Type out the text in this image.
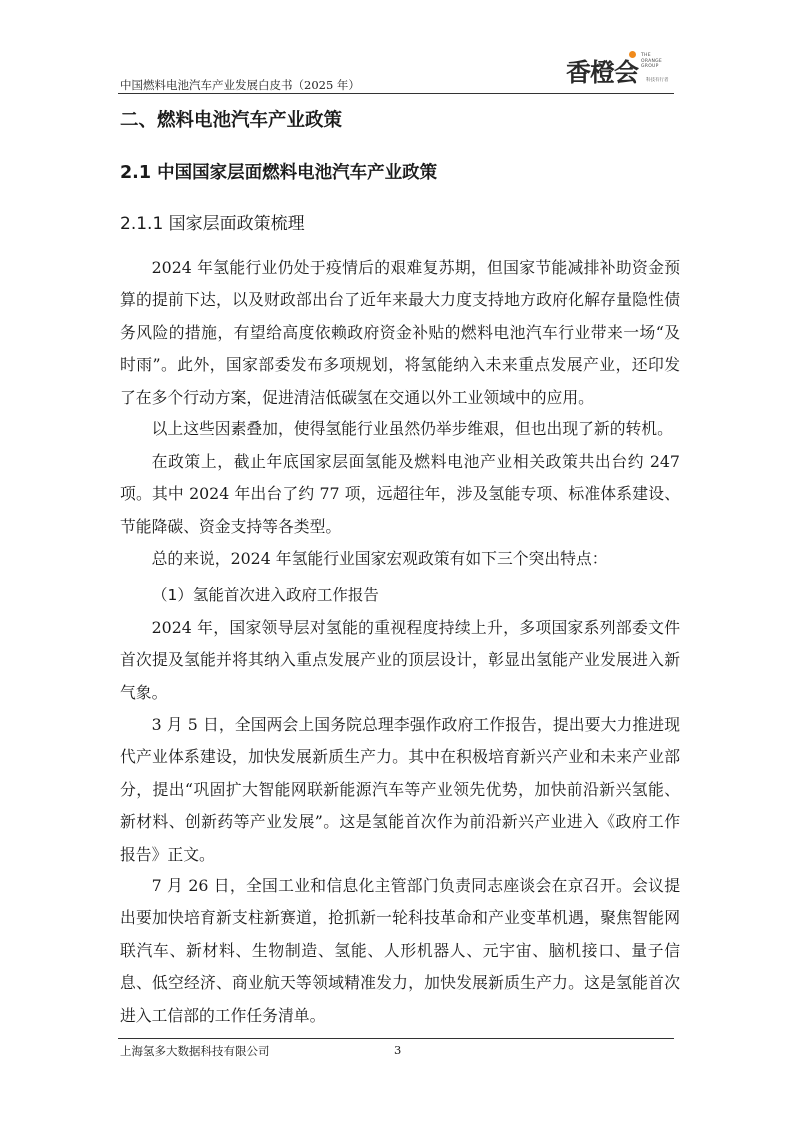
中国燃料电池汽车产业发展白皮书（2025 年）	香橙会
THE
ORANGE
GROUP
科技有行者
二、燃料电池汽车产业政策
2.1 中国国家层面燃料电池汽车产业政策
2.1.1 国家层面政策梳理

2024 年氢能行业仍处于疫情后的艰难复苏期，但国家节能减排补助资金预算的提前下达，以及财政部出台了近年来最大力度支持地方政府化解存量隐性债务风险的措施，有望给高度依赖政府资金补贴的燃料电池汽车行业带来一场“及时雨”。此外，国家部委发布多项规划，将氢能纳入未来重点发展产业，还印发了在多个行动方案，促进清洁低碳氢在交通以外工业领域中的应用。

以上这些因素叠加，使得氢能行业虽然仍举步维艰，但也出现了新的转机。

在政策上，截止年底国家层面氢能及燃料电池产业相关政策共出台约 247 项。其中 2024 年出台了约 77 项，远超往年，涉及氢能专项、标准体系建设、节能降碳、资金支持等各类型。

总的来说，2024 年氢能行业国家宏观政策有如下三个突出特点：

（1）氢能首次进入政府工作报告

2024 年，国家领导层对氢能的重视程度持续上升，多项国家系列部委文件首次提及氢能并将其纳入重点发展产业的顶层设计，彰显出氢能产业发展进入新气象。

3 月 5 日，全国两会上国务院总理李强作政府工作报告，提出要大力推进现代产业体系建设，加快发展新质生产力。其中在积极培育新兴产业和未来产业部分，提出“巩固扩大智能网联新能源汽车等产业领先优势，加快前沿新兴氢能、新材料、创新药等产业发展”。这是氢能首次作为前沿新兴产业进入《政府工作报告》正文。

7 月 26 日，全国工业和信息化主管部门负责同志座谈会在京召开。会议提出要加快培育新支柱新赛道，抢抓新一轮科技革命和产业变革机遇，聚焦智能网联汽车、新材料、生物制造、氢能、人形机器人、元宇宙、脑机接口、量子信息、低空经济、商业航天等领域精准发力，加快发展新质生产力。这是氢能首次进入工信部的工作任务清单。

上海氢多大数据科技有限公司	3
